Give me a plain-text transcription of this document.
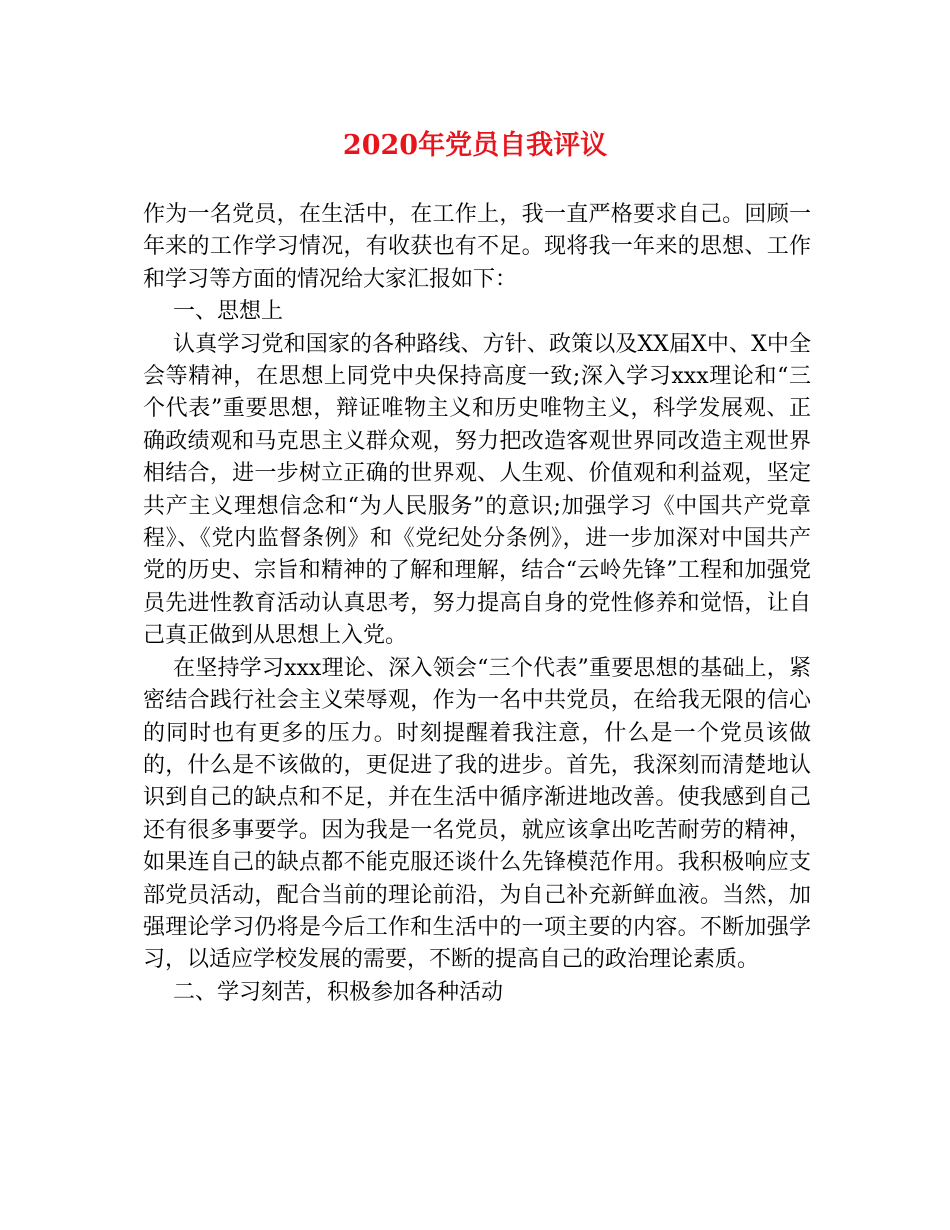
2020年党员自我评议

作为一名党员，在生活中，在工作上，我一直严格要求自己。回顾一年来的工作学习情况，有收获也有不足。现将我一年来的思想、工作和学习等方面的情况给大家汇报如下：

一、思想上

认真学习党和国家的各种路线、方针、政策以及XX届X中、X中全会等精神，在思想上同党中央保持高度一致;深入学习xxx理论和“三个代表”重要思想，辩证唯物主义和历史唯物主义，科学发展观、正确政绩观和马克思主义群众观，努力把改造客观世界同改造主观世界相结合，进一步树立正确的世界观、人生观、价值观和利益观，坚定共产主义理想信念和“为人民服务”的意识;加强学习《中国共产党章程》、《党内监督条例》和《党纪处分条例》，进一步加深对中国共产党的历史、宗旨和精神的了解和理解，结合“云岭先锋”工程和加强党员先进性教育活动认真思考，努力提高自身的党性修养和觉悟，让自己真正做到从思想上入党。

在坚持学习xxx理论、深入领会“三个代表”重要思想的基础上，紧密结合践行社会主义荣辱观，作为一名中共党员，在给我无限的信心的同时也有更多的压力。时刻提醒着我注意，什么是一个党员该做的，什么是不该做的，更促进了我的进步。首先，我深刻而清楚地认识到自己的缺点和不足，并在生活中循序渐进地改善。使我感到自己还有很多事要学。因为我是一名党员，就应该拿出吃苦耐劳的精神，如果连自己的缺点都不能克服还谈什么先锋模范作用。我积极响应支部党员活动，配合当前的理论前沿，为自己补充新鲜血液。当然，加强理论学习仍将是今后工作和生活中的一项主要的内容。不断加强学习，以适应学校发展的需要，不断的提高自己的政治理论素质。

二、学习刻苦，积极参加各种活动
